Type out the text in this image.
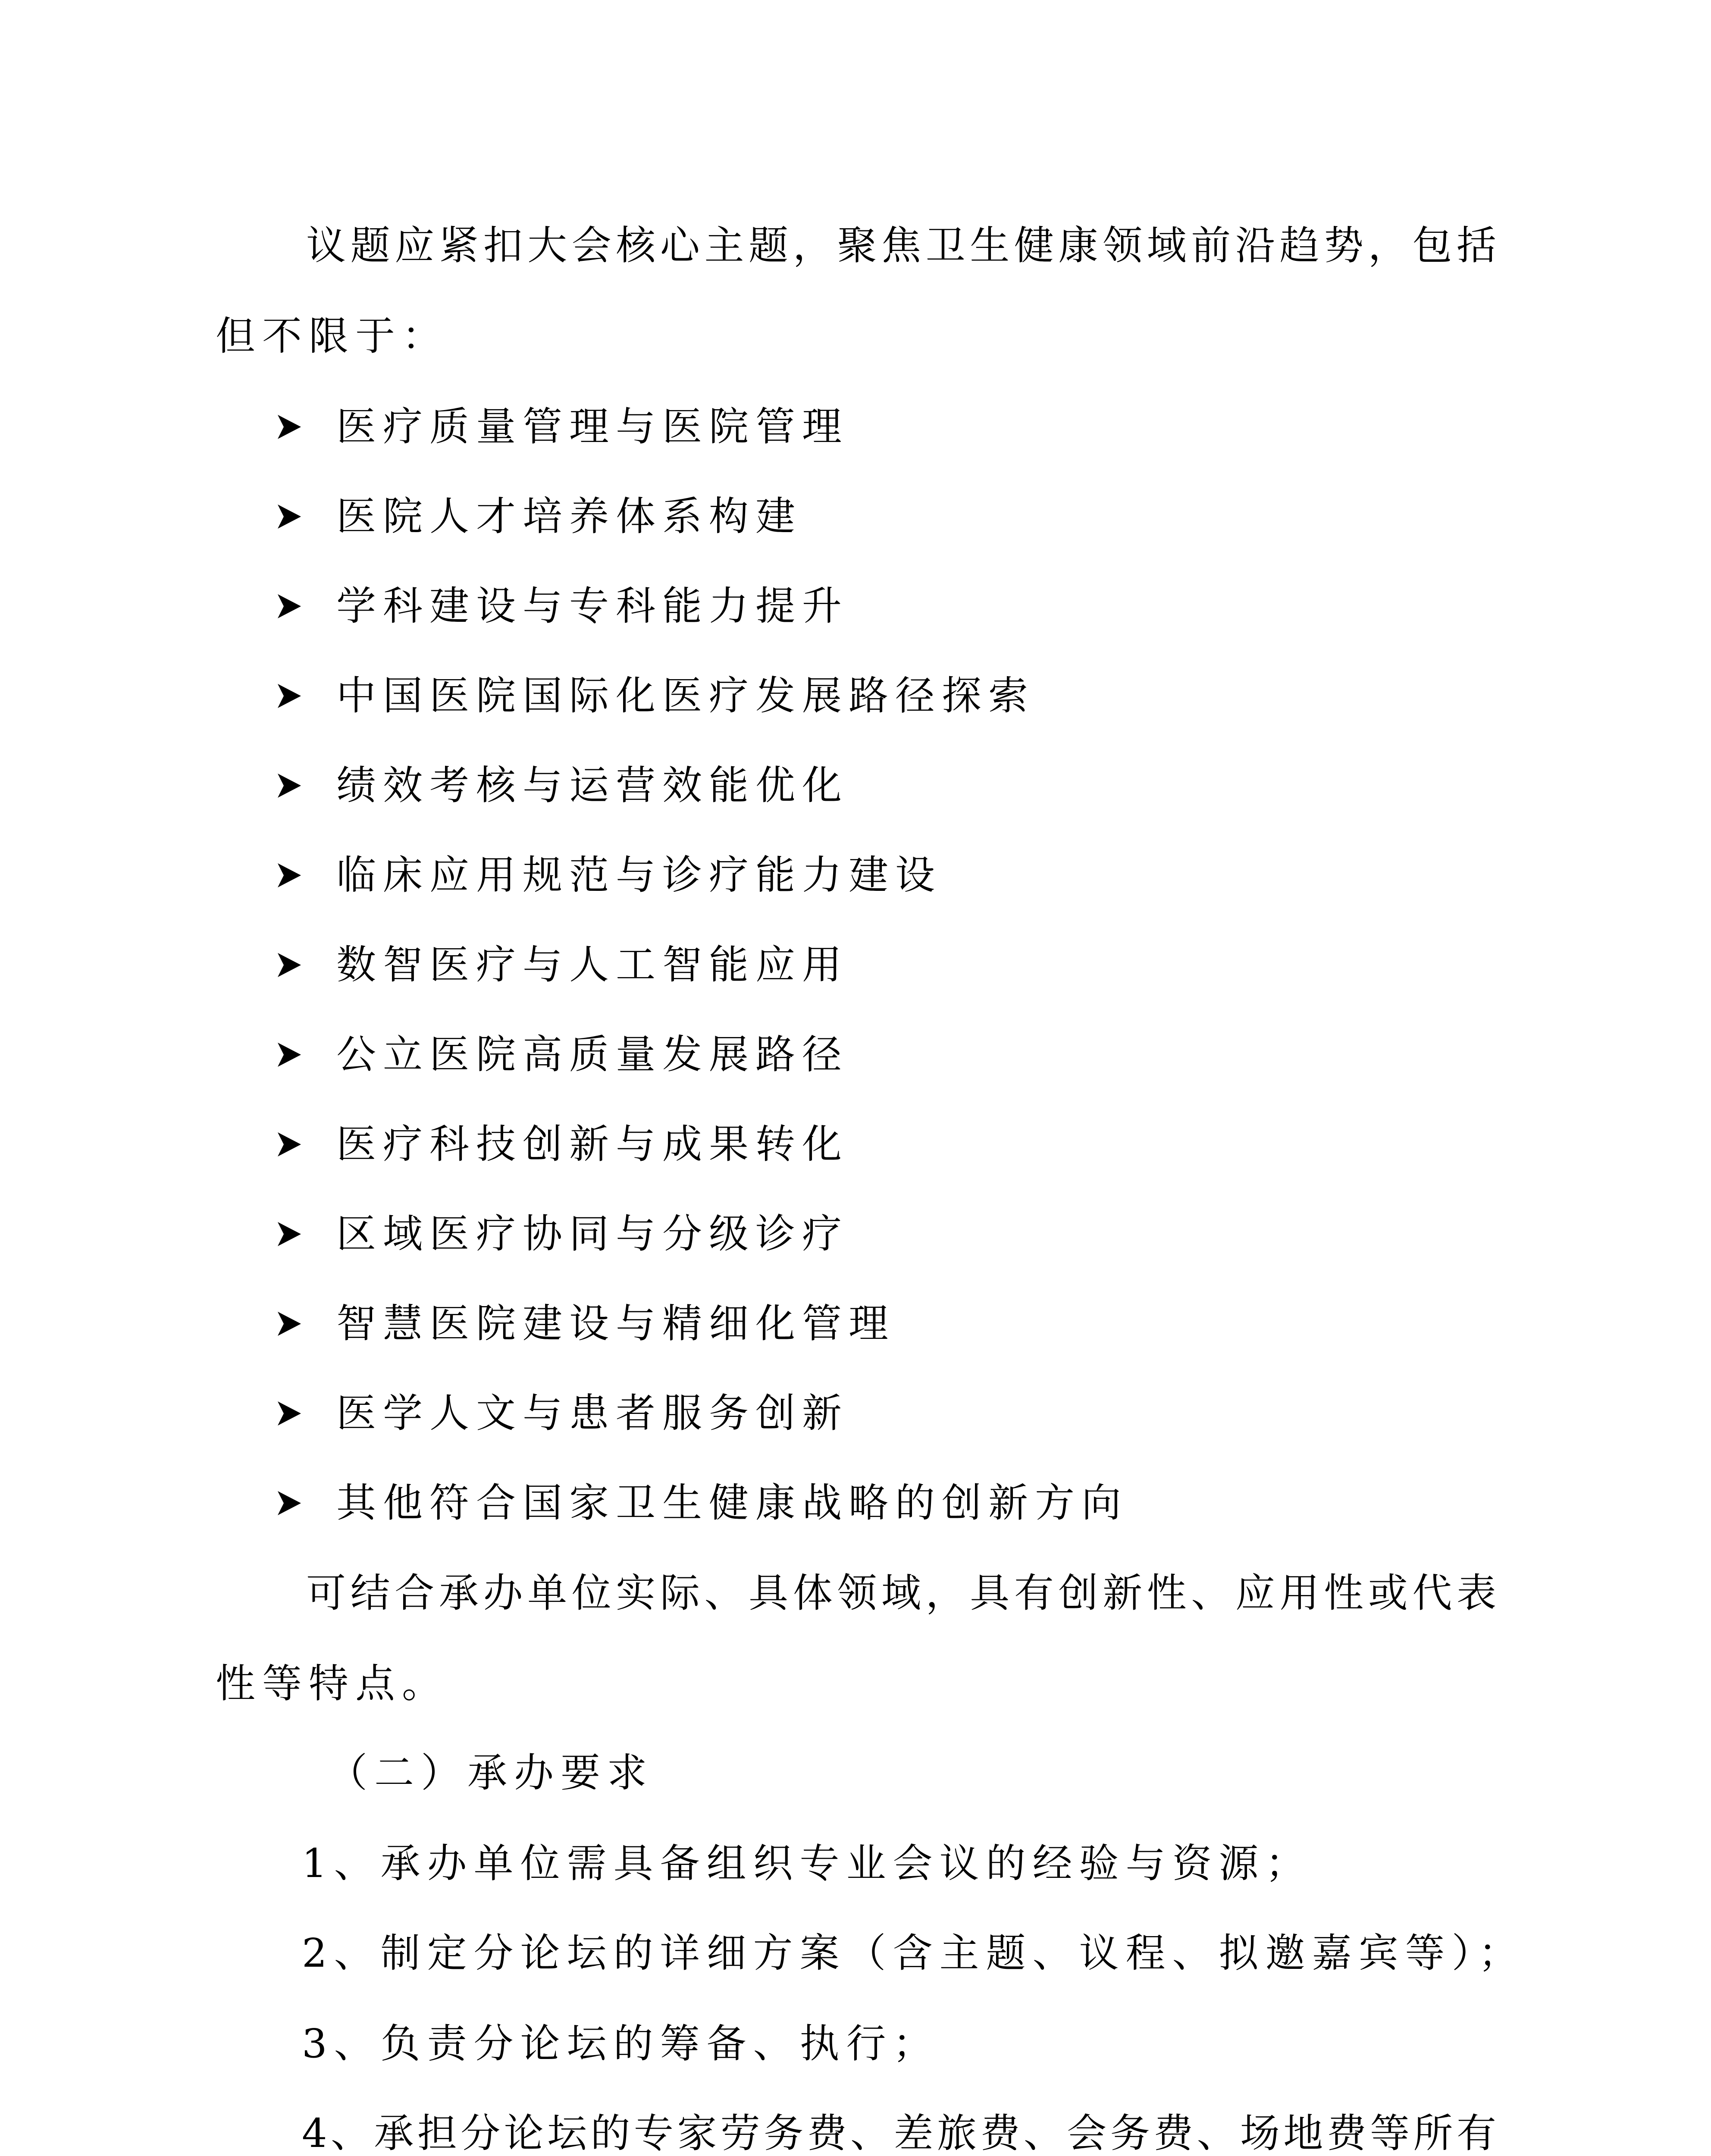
议题应紧扣大会核心主题，聚焦卫生健康领域前沿趋势，包括
但不限于：
医疗质量管理与医院管理
医院人才培养体系构建
学科建设与专科能力提升
中国医院国际化医疗发展路径探索
绩效考核与运营效能优化
临床应用规范与诊疗能力建设
数智医疗与人工智能应用
公立医院高质量发展路径
医疗科技创新与成果转化
区域医疗协同与分级诊疗
智慧医院建设与精细化管理
医学人文与患者服务创新
其他符合国家卫生健康战略的创新方向
可结合承办单位实际、具体领域，具有创新性、应用性或代表
性等特点。
（二）承办要求
1、承办单位需具备组织专业会议的经验与资源；
2、制定分论坛的详细方案（含主题、议程、拟邀嘉宾等）；
3、负责分论坛的筹备、执行；
4、承担分论坛的专家劳务费、差旅费、会务费、场地费等所有
